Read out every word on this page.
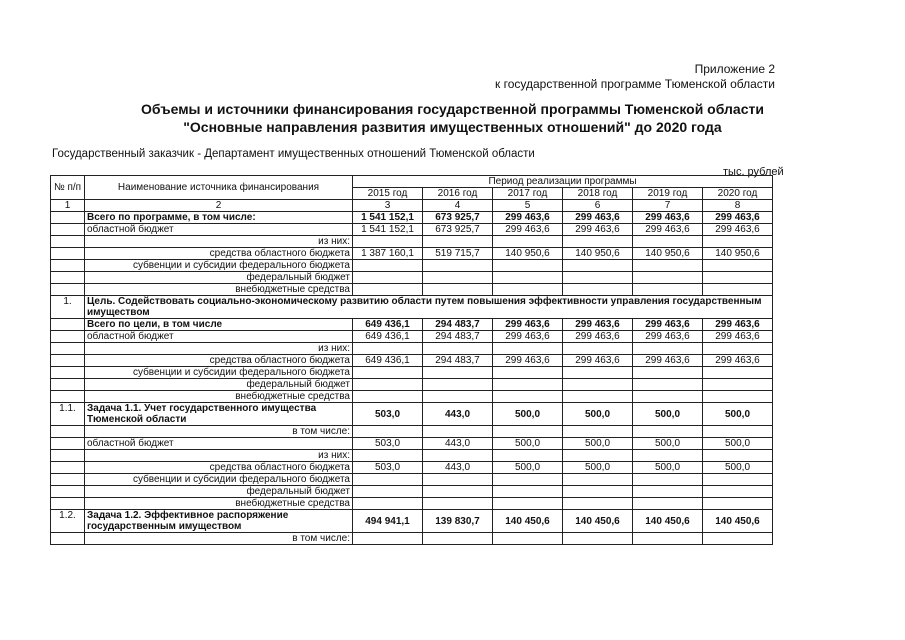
Приложение 2
к государственной программе Тюменской области
Объемы и источники финансирования государственной программы Тюменской области
"Основные направления развития имущественных отношений" до 2020 года
Государственный заказчик - Департамент имущественных отношений Тюменской области
тыс. рублей
№ п/п	Наименование источника финансирования	Период реализации программы					
		2015 год	2016 год	2017 год	2018 год	2019 год	2020 год
1	2	3	4	5	6	7	8
	Всего по программе, в том числе:	1 541 152,1	673 925,7	299 463,6	299 463,6	299 463,6	299 463,6
	областной бюджет	1 541 152,1	673 925,7	299 463,6	299 463,6	299 463,6	299 463,6
	из них:						
	средства областного бюджета	1 387 160,1	519 715,7	140 950,6	140 950,6	140 950,6	140 950,6
	субвенции и субсидии федерального бюджета						
	федеральный бюджет						
	внебюджетные средства						
1.	Цель. Содействовать социально-экономическому развитию области путем повышения эффективности управления государственным имуществом						
	Всего по цели, в том числе	649 436,1	294 483,7	299 463,6	299 463,6	299 463,6	299 463,6
	областной бюджет	649 436,1	294 483,7	299 463,6	299 463,6	299 463,6	299 463,6
	из них:						
	средства областного бюджета	649 436,1	294 483,7	299 463,6	299 463,6	299 463,6	299 463,6
	субвенции и субсидии федерального бюджета						
	федеральный бюджет						
	внебюджетные средства						
1.1.	Задача 1.1. Учет государственного имущества Тюменской области	503,0	443,0	500,0	500,0	500,0	500,0
	в том числе:						
	областной бюджет	503,0	443,0	500,0	500,0	500,0	500,0
	из них:						
	средства областного бюджета	503,0	443,0	500,0	500,0	500,0	500,0
	субвенции и субсидии федерального бюджета						
	федеральный бюджет						
	внебюджетные средства						
1.2.	Задача 1.2. Эффективное распоряжение государственным имуществом	494 941,1	139 830,7	140 450,6	140 450,6	140 450,6	140 450,6
	в том числе:						
